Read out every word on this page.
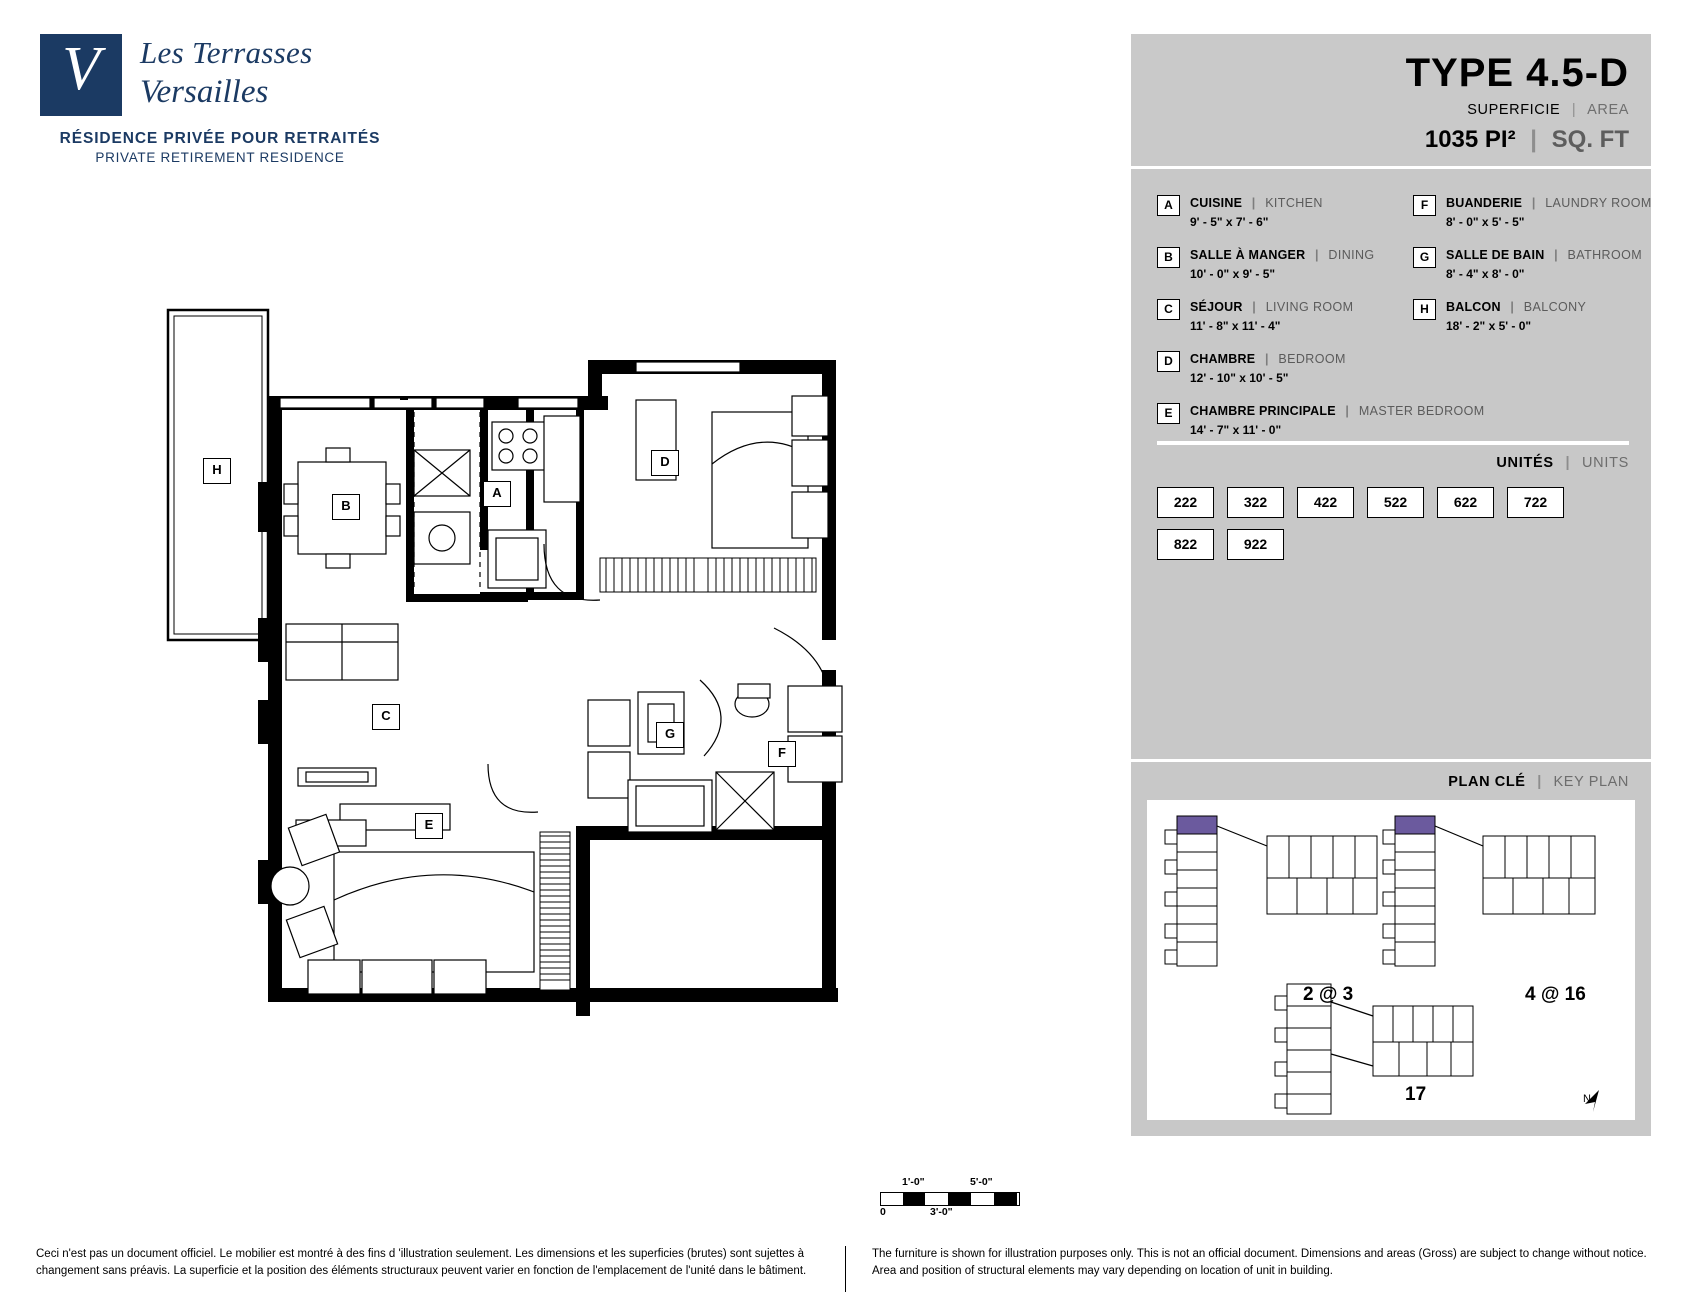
V	Les Terrasses
Versailles
RÉSIDENCE PRIVÉE POUR RETRAITÉS
PRIVATE RETIREMENT RESIDENCE
H
B
A
D
C
G
F
E
1'-0"	5'-0"
0	3'-0"
TYPE 4.5-D
SUPERFICIE | AREA
1035 PI² | SQ. FT
A	CUISINE | KITCHEN
9' - 5" x 7' - 6"
B	SALLE À MANGER | DINING
10' - 0" x 9' - 5"
C	SÉJOUR | LIVING ROOM
11' - 8" x 11' - 4"
D	CHAMBRE | BEDROOM
12' - 10" x 10' - 5"
E	CHAMBRE PRINCIPALE | MASTER BEDROOM
14' - 7" x 11' - 0"
F	BUANDERIE | LAUNDRY ROOM
8' - 0" x 5' - 5"
G	SALLE DE BAIN | BATHROOM
8' - 4" x 8' - 0"
H	BALCON | BALCONY
18' - 2" x 5' - 0"
UNITÉS | UNITS
222	322	422	522	622	722
822	922
PLAN CLÉ | KEY PLAN
N
2 @ 3	4 @ 16
17
Ceci n'est pas un document officiel. Le mobilier est montré à des fins d 'illustration seulement. Les dimensions et les superficies (brutes) sont sujettes à changement sans préavis. La superficie et la position des éléments structuraux peuvent varier en fonction de l'emplacement de l'unité dans le bâtiment.
The furniture is shown for illustration purposes only. This is not an official document. Dimensions and areas (Gross) are subject to change without notice. Area and position of structural elements may vary depending on location of unit in building.
